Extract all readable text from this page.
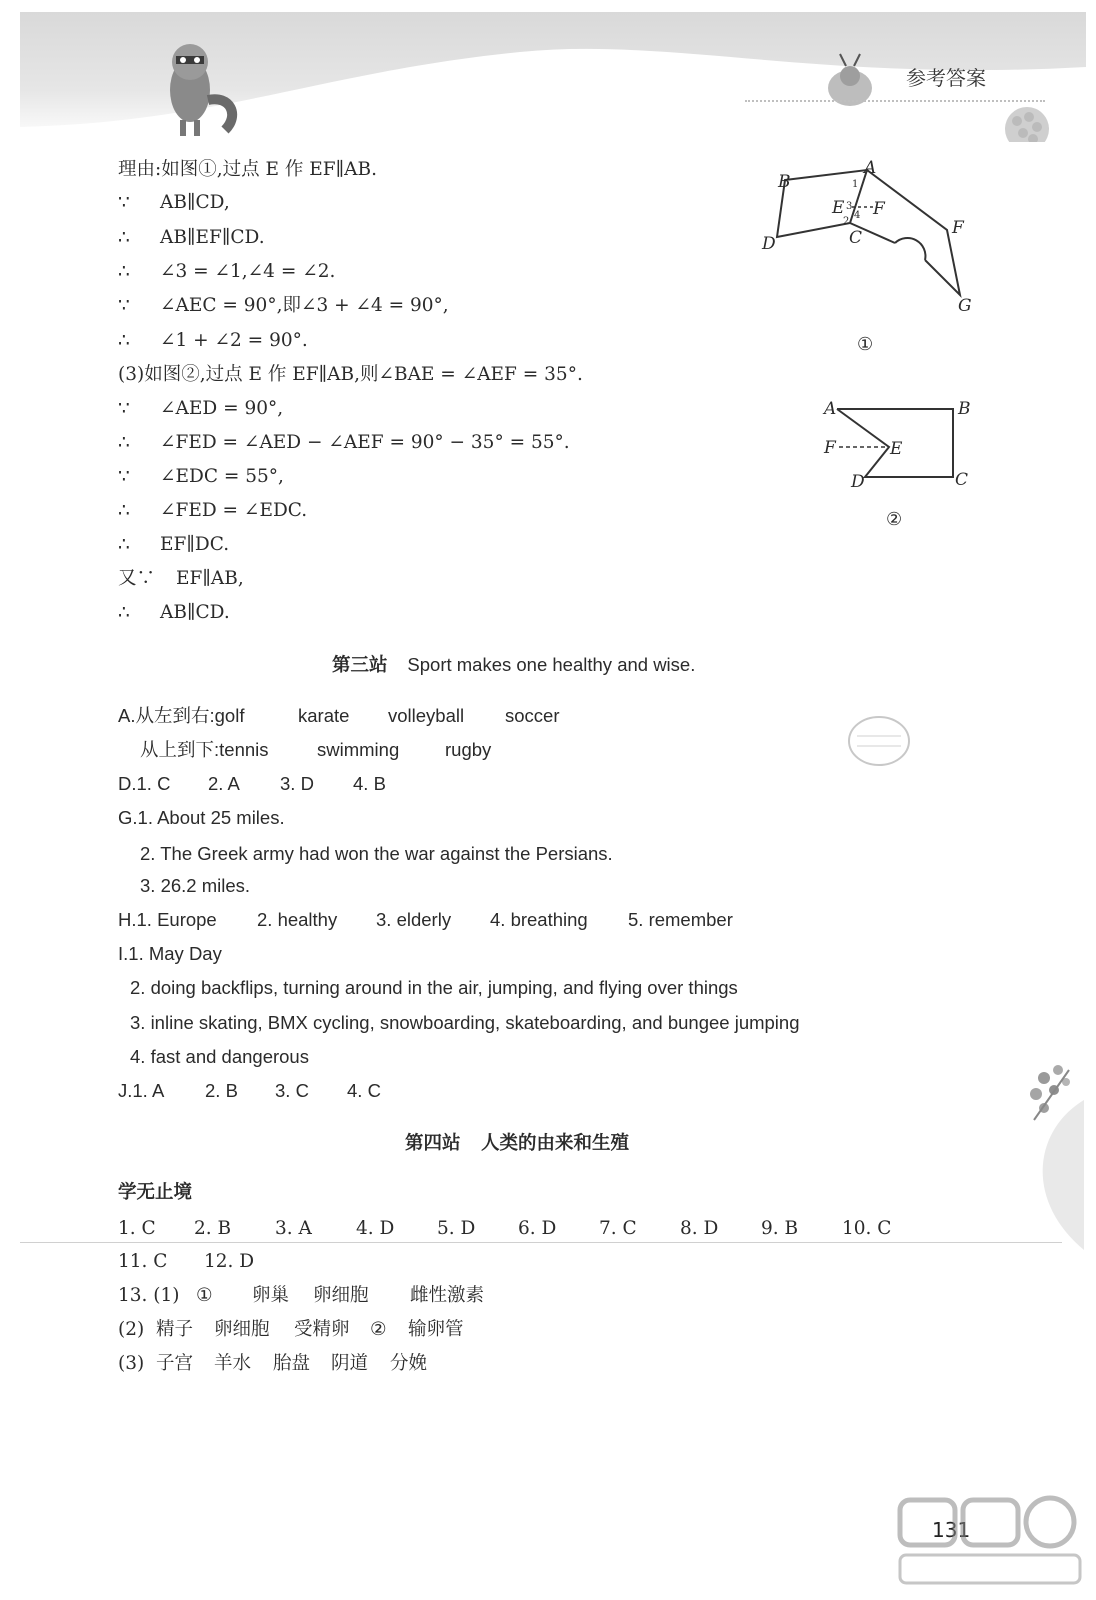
参考答案
理由:如图①,过点 E 作 EF∥AB.
∵ AB∥CD,
∴ AB∥EF∥CD.
∴ ∠3 = ∠1,∠4 = ∠2.
∵ ∠AEC = 90°,即∠3 + ∠4 = 90°,
∴ ∠1 + ∠2 = 90°.
(3)如图②,过点 E 作 EF∥AB,则∠BAE = ∠AEF = 35°.
∵ ∠AED = 90°,
∴ ∠FED = ∠AED − ∠AEF = 90° − 35° = 55°.
∵ ∠EDC = 55°,
∴ ∠FED = ∠EDC.
∴ EF∥DC.
又∵ EF∥AB,
∴ AB∥CD.
A
B
C
D
E F
F
G
1
3
4
2
①
A	B
F	E
D	C
②
第三站 Sport makes one healthy and wise.
A.从左到右:golf	karate volleyball soccer
从上到下:tennis	swimming rugby
D.1. C 2. A 3. D 4. B
G.1. About 25 miles.
2. The Greek army had won the war against the Persians.
3. 26.2 miles.
H.1. Europe 2. healthy 3. elderly 4. breathing 5. remember
I.1. May Day
2. doing backflips, turning around in the air, jumping, and flying over things
3. inline skating, BMX cycling, snowboarding, skateboarding, and bungee jumping
4. fast and dangerous
J.1. A 2. B 3. C 4. C
第四站 人类的由来和生殖
学无止境
1. C 2. B 3. A 4. D 5. D 6. D 7. C 8. D 9. B 10. C
11. C 12. D
13. (1) ① 卵巢 卵细胞 雌性激素
(2) 精子 卵细胞 受精卵 ② 输卵管
(3) 子宫 羊水 胎盘 阴道 分娩
131
